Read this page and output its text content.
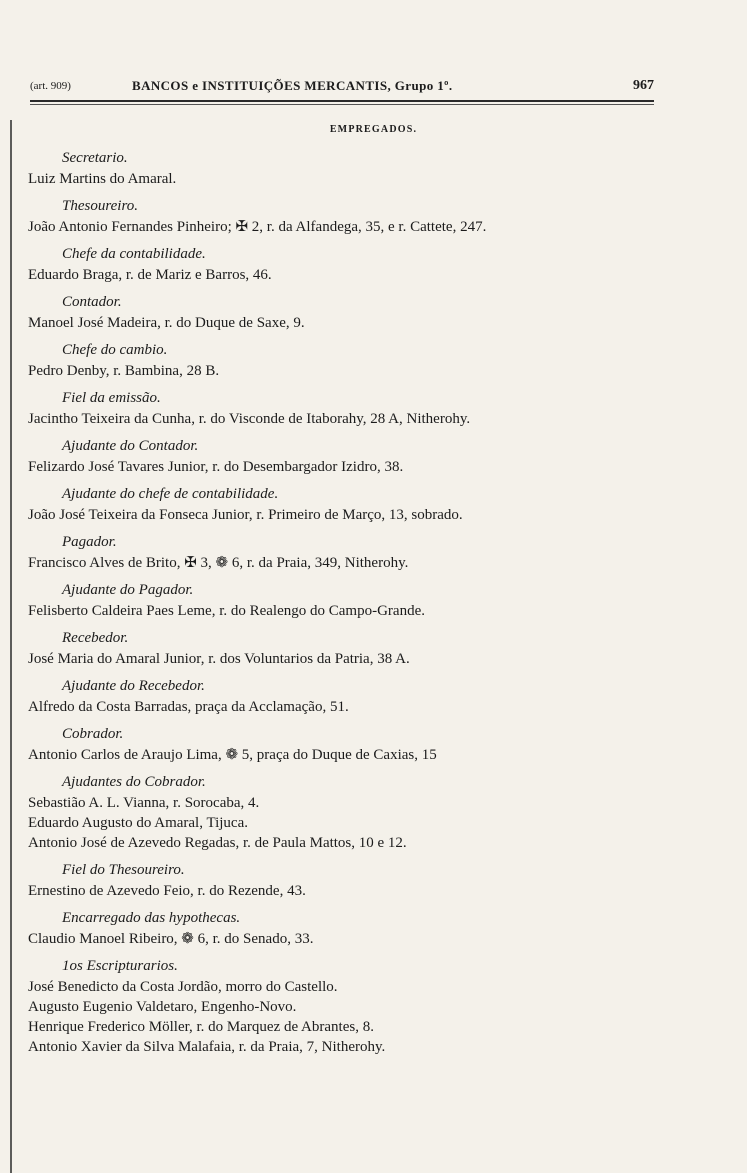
(art. 909)	BANCOS e INSTITUIÇÕES MERCANTIS, Grupo 1º.	967
EMPREGADOS.
Secretario.
Luiz Martins do Amaral.
Thesoureiro.
João Antonio Fernandes Pinheiro; ✠ 2, r. da Alfandega, 35, e r. Cattete, 247.
Chefe da contabilidade.
Eduardo Braga, r. de Mariz e Barros, 46.
Contador.
Manoel José Madeira, r. do Duque de Saxe, 9.
Chefe do cambio.
Pedro Denby, r. Bambina, 28 B.
Fiel da emissão.
Jacintho Teixeira da Cunha, r. do Visconde de Itaborahy, 28 A, Nitherohy.
Ajudante do Contador.
Felizardo José Tavares Junior, r. do Desembargador Izidro, 38.
Ajudante do chefe de contabilidade.
João José Teixeira da Fonseca Junior, r. Primeiro de Março, 13, sobrado.
Pagador.
Francisco Alves de Brito, ✠ 3, ❁ 6, r. da Praia, 349, Nitherohy.
Ajudante do Pagador.
Felisberto Caldeira Paes Leme, r. do Realengo do Campo-Grande.
Recebedor.
José Maria do Amaral Junior, r. dos Voluntarios da Patria, 38 A.
Ajudante do Recebedor.
Alfredo da Costa Barradas, praça da Acclamação, 51.
Cobrador.
Antonio Carlos de Araujo Lima, ❁ 5, praça do Duque de Caxias, 15
Ajudantes do Cobrador.
Sebastião A. L. Vianna, r. Sorocaba, 4.
Eduardo Augusto do Amaral, Tijuca.
Antonio José de Azevedo Regadas, r. de Paula Mattos, 10 e 12.
Fiel do Thesoureiro.
Ernestino de Azevedo Feio, r. do Rezende, 43.
Encarregado das hypothecas.
Claudio Manoel Ribeiro, ❁ 6, r. do Senado, 33.
1os Escripturarios.
José Benedicto da Costa Jordão, morro do Castello.
Augusto Eugenio Valdetaro, Engenho-Novo.
Henrique Frederico Möller, r. do Marquez de Abrantes, 8.
Antonio Xavier da Silva Malafaia, r. da Praia, 7, Nitherohy.
